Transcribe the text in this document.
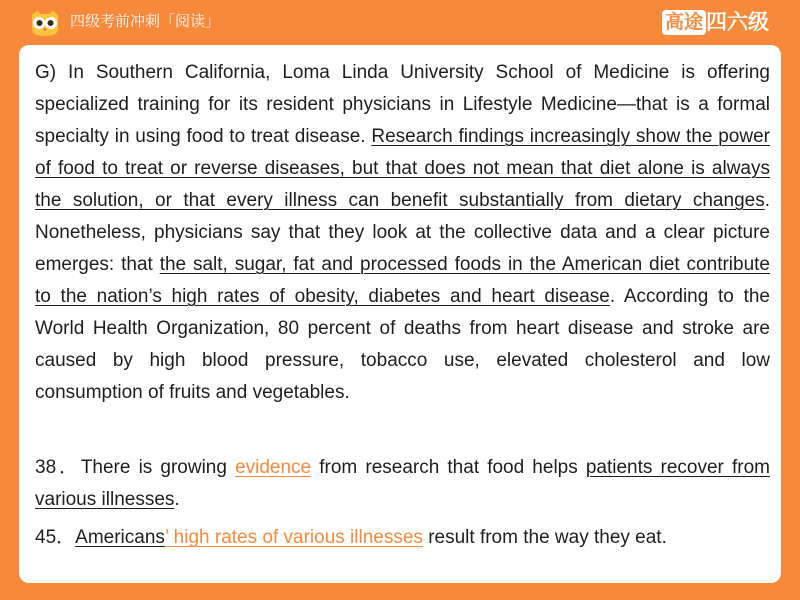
四级考前冲刺「阅读」	高途 四六级
G) In Southern California, Loma Linda University School of Medicine is offering
specialized training for its resident physicians in Lifestyle Medicine—that is a formal
specialty in using food to treat disease. Research findings increasingly show the power
of food to treat or reverse diseases, but that does not mean that diet alone is always
the solution, or that every illness can benefit substantially from dietary changes.
Nonetheless, physicians say that they look at the collective data and a clear picture
emerges: that the salt, sugar, fat and processed foods in the American diet contribute
to the nation’s high rates of obesity, diabetes and heart disease. According to the
World Health Organization, 80 percent of deaths from heart disease and stroke are
caused by high blood pressure, tobacco use, elevated cholesterol and low
consumption of fruits and vegetables.
38．There is growing evidence from research that food helps patients recover from
various illnesses.
45．Americans’ high rates of various illnesses result from the way they eat.
